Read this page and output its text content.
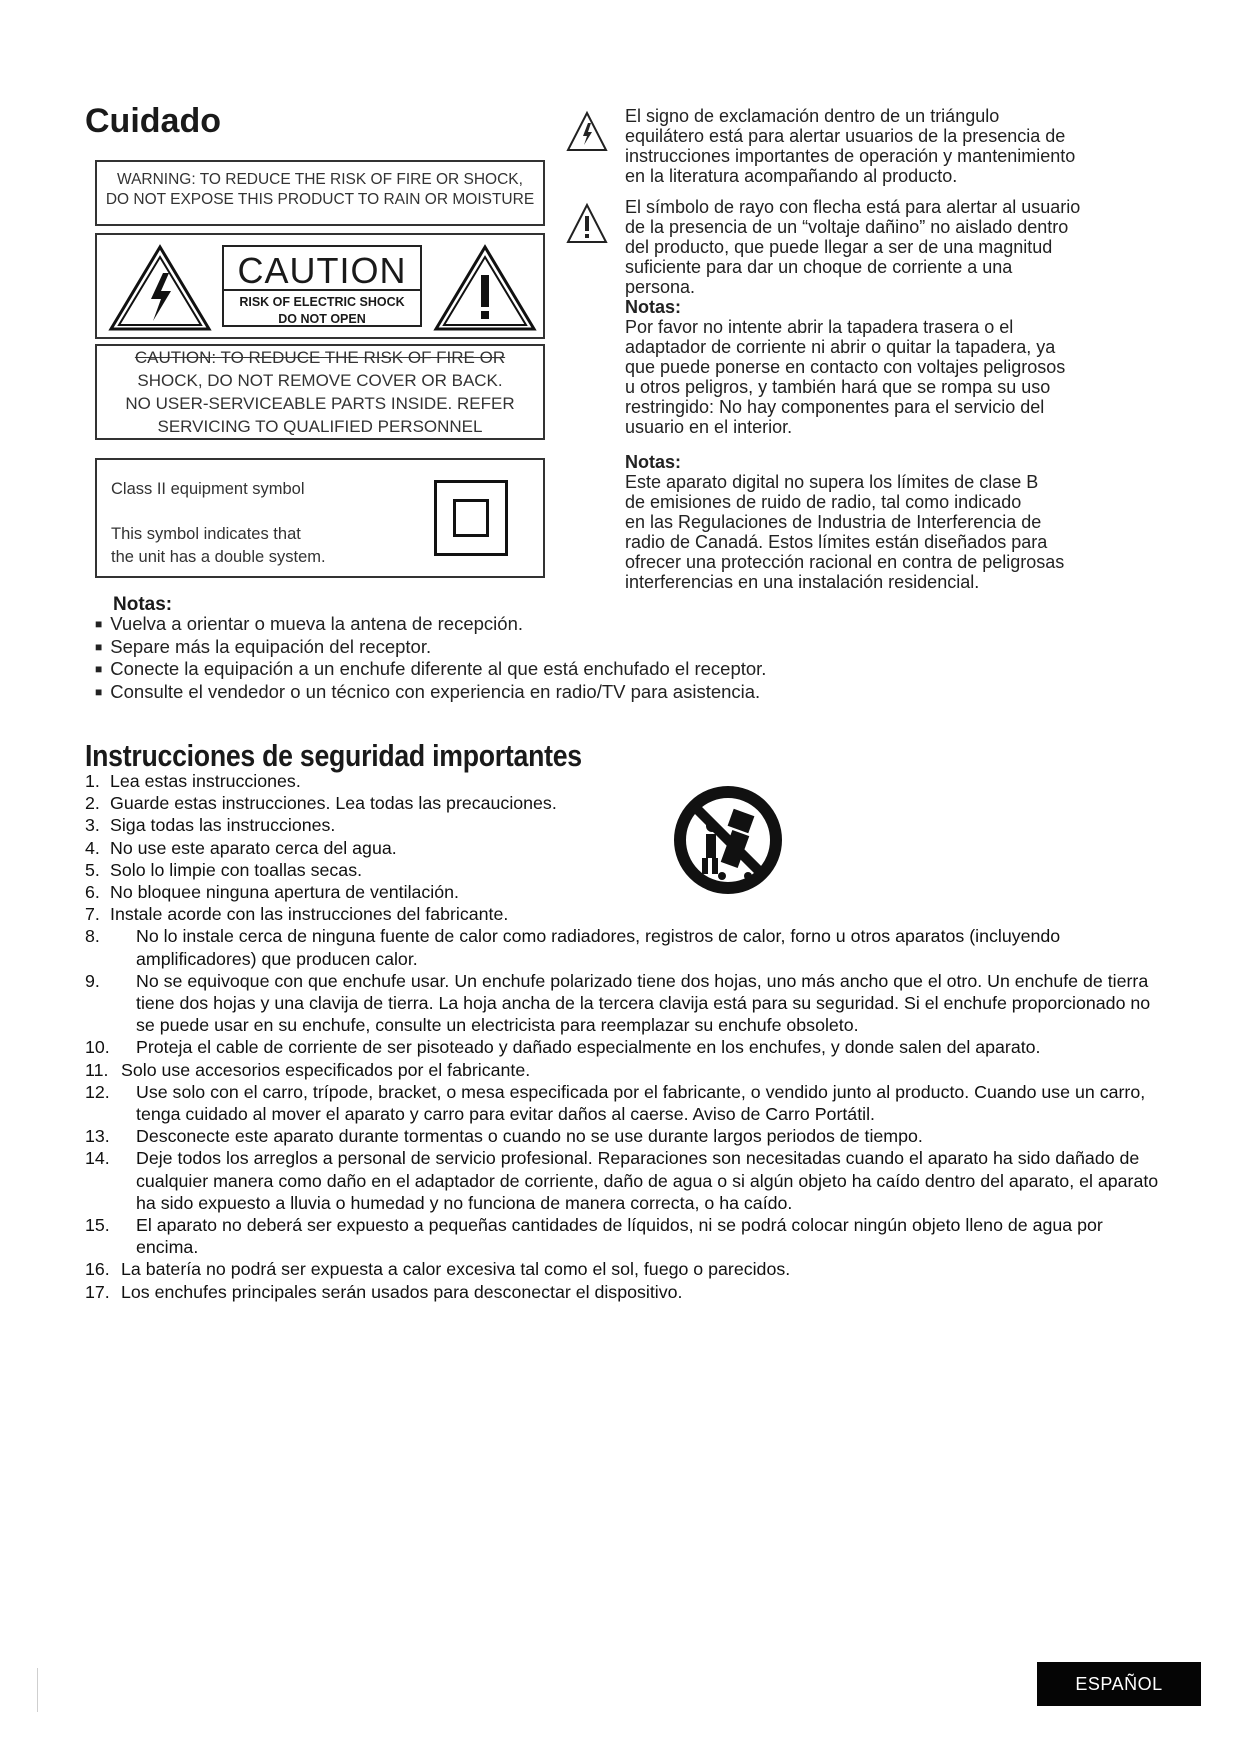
Cuidado
WARNING: TO REDUCE THE RISK OF FIRE OR SHOCK,
DO NOT EXPOSE THIS PRODUCT TO RAIN OR MOISTURE
CAUTION
RISK OF ELECTRIC SHOCK
DO NOT OPEN
CAUTION: TO REDUCE THE RISK OF FIRE OR
SHOCK, DO NOT REMOVE COVER OR BACK.
NO USER-SERVICEABLE PARTS INSIDE. REFER
SERVICING TO QUALIFIED PERSONNEL
Class II equipment symbol
This symbol indicates that
the unit has a double system.

El signo de exclamación dentro de un triángulo

equilátero está para alertar usuarios de la presencia de

instrucciones importantes de operación y mantenimiento

en la literatura acompañando al producto.

El símbolo de rayo con flecha está para alertar al usuario

de la presencia de un “voltaje dañino” no aislado dentro

del producto, que puede llegar a ser de una magnitud

suficiente para dar un choque de corriente a una

persona.

Notas:

Por favor no intente abrir la tapadera trasera o el

adaptador de corriente ni abrir o quitar la tapadera, ya

que puede ponerse en contacto con voltajes peligrosos

u otros peligros, y también hará que se rompa su uso

restringido: No hay componentes para el servicio del

usuario en el interior.

Notas:

Este aparato digital no supera los límites de clase B

de emisiones de ruido de radio, tal como indicado

en las Regulaciones de Industria de Interferencia de

radio de Canadá. Estos límites están diseñados para

ofrecer una protección racional en contra de peligrosas

interferencias en una instalación residencial.

Notas:
■ Vuelva a orientar o mueva la antena de recepción.
■ Separe más la equipación del receptor.
■ Conecte la equipación a un enchufe diferente al que está enchufado el receptor.
■ Consulte el vendedor o un técnico con experiencia en radio/TV para asistencia.
Instrucciones de seguridad importantes
1. Lea estas instrucciones.
2. Guarde estas instrucciones. Lea todas las precauciones.
3. Siga todas las instrucciones.
4. No use este aparato cerca del agua.
5. Solo lo limpie con toallas secas.
6. No bloquee ninguna apertura de ventilación.
7. Instale acorde con las instrucciones del fabricante.
8.	No lo instale cerca de ninguna fuente de calor como radiadores, registros de calor, forno u otros aparatos (incluyendo amplificadores) que producen calor.
9.	No se equivoque con que enchufe usar. Un enchufe polarizado tiene dos hojas, uno más ancho que el otro. Un enchufe de tierra tiene dos hojas y una clavija de tierra. La hoja ancha de la tercera clavija está para su seguridad. Si el enchufe proporcionado no se puede usar en su enchufe, consulte un electricista para reemplazar su enchufe obsoleto.
10.	Proteja el cable de corriente de ser pisoteado y dañado especialmente en los enchufes, y donde salen del aparato.
11. Solo use accesorios especificados por el fabricante.
12.	Use solo con el carro, trípode, bracket, o mesa especificada por el fabricante, o vendido junto al producto. Cuando use un carro, tenga cuidado al mover el aparato y carro para evitar daños al caerse. Aviso de Carro Portátil.
13.	Desconecte este aparato durante tormentas o cuando no se use durante largos periodos de tiempo.
14.	Deje todos los arreglos a personal de servicio profesional. Reparaciones son necesitadas cuando el aparato ha sido dañado de cualquier manera como daño en el adaptador de corriente, daño de agua o si algún objeto ha caído dentro del aparato, el aparato ha sido expuesto a lluvia o humedad y no funciona de manera correcta, o ha caído.
15.	El aparato no deberá ser expuesto a pequeñas cantidades de líquidos, ni se podrá colocar ningún objeto lleno de agua por encima.
16. La batería no podrá ser expuesta a calor excesiva tal como el sol, fuego o parecidos.
17. Los enchufes principales serán usados para desconectar el dispositivo.
ESPAÑOL
